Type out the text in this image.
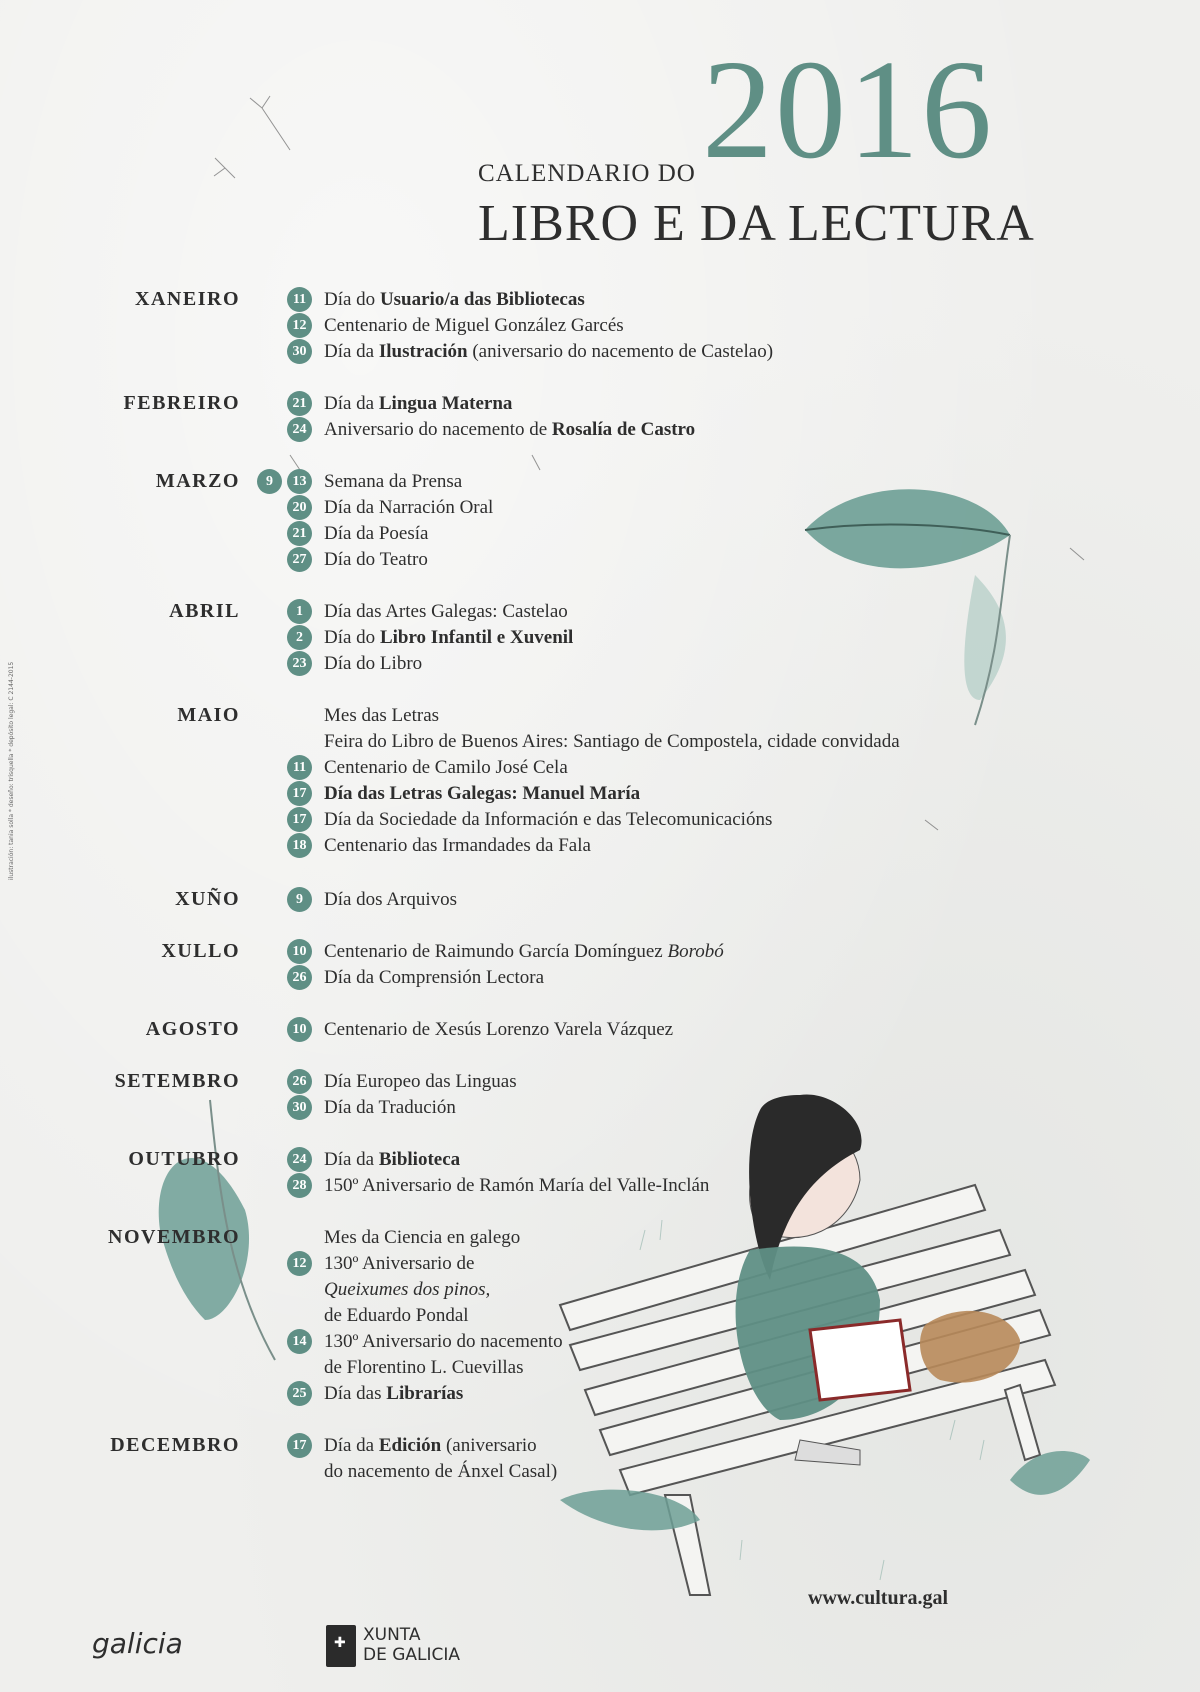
CALENDARIO DO 2016
LIBRO E DA LECTURA
XANEIRO	11 Día do Usuario/a das Bibliotecas
12 Centenario de Miguel González Garcés
30 Día da Ilustración (aniversario do nacemento de Castelao)
FEBREIRO	21 Día da Lingua Materna
24 Aniversario do nacemento de Rosalía de Castro
MARZO	9	13 Semana da Prensa
20 Día da Narración Oral
21 Día da Poesía
27 Día do Teatro
ABRIL	1	Día das Artes Galegas: Castelao
2	Día do Libro Infantil e Xuvenil
23 Día do Libro
MAIO	Mes das Letras
Feira do Libro de Buenos Aires: Santiago de Compostela, cidade convidada
11 Centenario de Camilo José Cela
17 Día das Letras Galegas: Manuel María
17 Día da Sociedade da Información e das Telecomunicacións
18 Centenario das Irmandades da Fala
XUÑO	9	Día dos Arquivos
XULLO	10 Centenario de Raimundo García Domínguez Borobó
26 Día da Comprensión Lectora
AGOSTO	10 Centenario de Xesús Lorenzo Varela Vázquez
SETEMBRO	26 Día Europeo das Linguas
30 Día da Tradución
OUTUBRO	24 Día da Biblioteca
28 150º Aniversario de Ramón María del Valle-Inclán
NOVEMBRO	Mes da Ciencia en galego
12 130º Aniversario de
Queixumes dos pinos,
de Eduardo Pondal
14 130º Aniversario do nacemento
de Florentino L. Cuevillas
25 Día das Librarías
DECEMBRO	17 Día da Edición (aniversario
do nacemento de Ánxel Casal)
www.cultura.gal
galicia
✚	XUNTA
DE GALICIA
ilustración: tania solla * deseño: trisquella * depósito legal: C 2144-2015
